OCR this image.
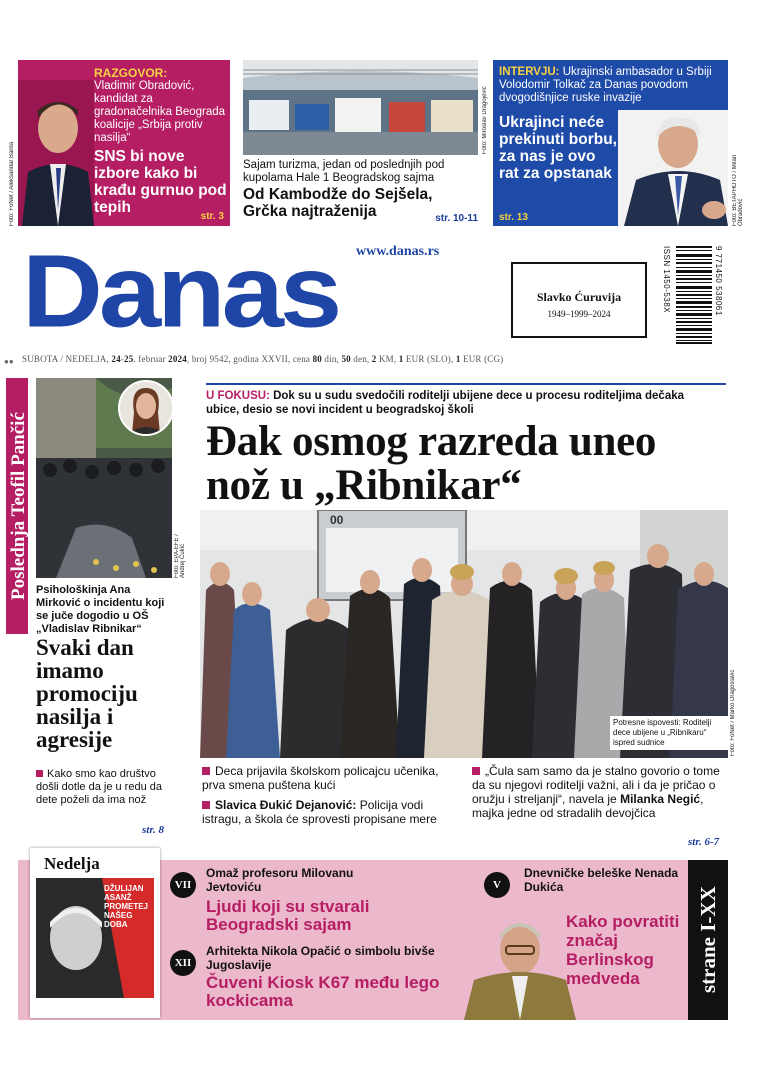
RAZGOVOR:
Vladimir Obradović, kandidat za gradonačelnika Beograda koalicije „Srbija protiv nasilja“
SNS bi nove izbore kako bi krađu gurnuo pod tepih
str. 3
Foto: FoNet / Aleksandar Barda	Sajam turizma, jedan od poslednjih pod kupolama Hale 1 Beogradskog sajma
Od Kambodže do Sejšela, Grčka najtraženija	str. 10-11
Foto: Miroslav Dragojević
INTERVJU: Ukrajinski ambasador u Srbiji Volodomir Tolkač za Danas povodom dvogodišnjice ruske invazije
Ukrajinci neće prekinuti borbu, za nas je ovo rat za opstanak
str. 13	Foto: BETAPHOTO / Milan Obradović
Danas www.danas.rs
Slavko Ćuruvija
1949–1999–2024
ISSN 1450-538X	9 771450 538061
●● SUBOTA / NEDELJA, 24-25. februar 2024, broj 9542, godina XXVII, cena 80 din, 50 den, 2 KM, 1 EUR (SLO), 1 EUR (CG)
Poslednja Teofil Pančić	Foto: EPA-EFE / Andrej Čukić
Psihološkinja Ana Mirković o incidentu koji se juče dogodio u OŠ „Vladislav Ribnikar“
Svaki dan imamo promociju nasilja i agresije
Kako smo kao društvo došli dotle da je u redu da dete poželi da ima nož
str. 8
U FOKUSU: Dok su u sudu svedočili roditelji ubijene dece u procesu roditeljima dečaka ubice, desio se novi incident u beogradskoj školi
Đak osmog razreda uneo nož u „Ribnikar“
00
Potresne ispovesti: Roditelji dece ubijene u „Ribnikaru“ ispred sudnice	Foto: FoNet / Marko Dragoslavić
Deca prijavila školskom policajcu učenika, prva smena puštena kući
Slavica Đukić Dejanović: Policija vodi istragu, a škola će sprovesti propisane mere
„Čula sam samo da je stalno govorio o tome da su njegovi roditelji važni, ali i da je pričao o oružju i streljanji“, navela je Milanka Negić, majka jedne od stradalih devojčica
str. 6-7
Nedelja
DŽULIJAN ASANŽ PROMETEJ NAŠEG DOBA
VII
Omaž profesoru Milovanu Jevtoviću
Ljudi koji su stvarali Beogradski sajam
XII
Arhitekta Nikola Opačić o simbolu bivše Jugoslavije
Čuveni Kiosk K67 među lego kockicama
V
Dnevničke beleške Nenada Dukića
Kako povratiti značaj Berlinskog medveda	strane I-XX
